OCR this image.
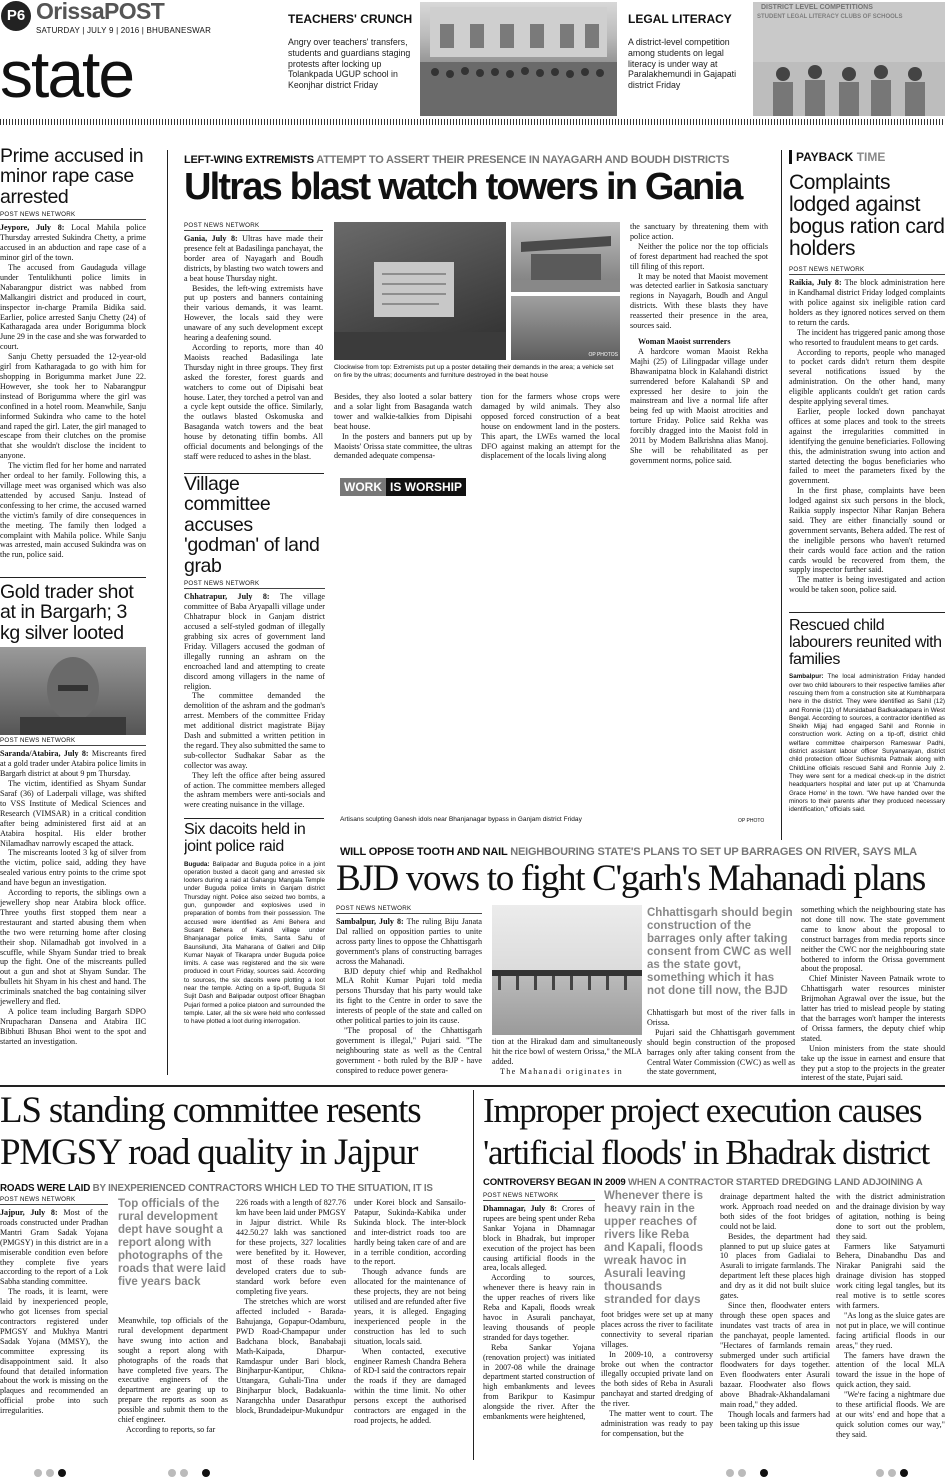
P6 OrissaPOST
SATURDAY | JULY 9 | 2016 | BHUBANESWAR
state
TEACHERS' CRUNCH
Angry over teachers' transfers, students and guardians staging protests after locking up Tolankpada UGUP school in Keonjhar district Friday
LEGAL LITERACY
A district-level competition among students on legal literacy is under way at Paralakhemundi in Gajapati district Friday
DISTRICT LEVEL COMPETITIONS
STUDENT LEGAL LITERACY CLUBS OF SCHOOLS
Prime accused in minor rape case arrested
POST NEWS NETWORK

Jeypore, July 8: Local Mahila police Thursday arrested Sukindra Chetty, a prime accused in an abduction and rape case of a minor girl of the town.

The accused from Gaudaguda village under Tentulikhunti police limits in Nabarangpur district was nabbed from Malkangiri district and produced in court, inspector in-charge Pramila Bidika said. Earlier, police arrested Sanju Chetty (24) of Katharagada area under Borigumma block June 29 in the case and she was forwarded to court.

Sanju Chetty persuaded the 12-year-old girl from Katharagada to go with him for shopping in Borigumma market June 22. However, she took her to Nabarangpur instead of Borigumma where the girl was confined in a hotel room. Meanwhile, Sanju informed Sukindra who came to the hotel and raped the girl. Later, the girl managed to escape from their clutches on the promise that she wouldn't disclose the incident to anyone.

The victim fled for her home and narrated her ordeal to her family. Following this, a village meet was organised which was also attended by accused Sanju. Instead of confessing to her crime, the accused warned the victim's family of dire consequences in the meeting. The family then lodged a complaint with Mahila police. While Sanju was arrested, main accused Sukindra was on the run, police said.

Gold trader shot at in Bargarh; 3 kg silver looted
POST NEWS NETWORK

Saranda/Atabira, July 8: Miscreants fired at a gold trader under Atabira police limits in Bargarh district at about 9 pm Thursday.

The victim, identified as Shyam Sundar Saraf (36) of Laderpali village, was shifted to VSS Institute of Medical Sciences and Research (VIMSAR) in a critical condition after being administered first aid at an Atabira hospital. His elder brother Nilamadhav narrowly escaped the attack.

The miscreants looted 3 kg of silver from the victim, police said, adding they have sealed various entry points to the crime spot and have begun an investigation.

According to reports, the siblings own a jewellery shop near Atabira block office. Three youths first stopped them near a restaurant and started abusing them when the two were returning home after closing their shop. Nilamadhab got involved in a scuffle, while Shyam Sundar tried to break up the fight. One of the miscreants pulled out a gun and shot at Shyam Sundar. The bullets hit Shyam in his chest and hand. The criminals snatched the bag containing silver jewellery and fled.

A police team including Bargarh SDPO Nrupacharan Dansena and Atabira IIC Bibhuti Bhusan Bhoi went to the spot and started an investigation.

LEFT-WING EXTREMISTS ATTEMPT TO ASSERT THEIR PRESENCE IN NAYAGARH AND BOUDH DISTRICTS
Ultras blast watch towers in Gania
POST NEWS NETWORK

Gania, July 8: Ultras have made their presence felt at Badasilinga panchayat, the border area of Nayagarh and Boudh districts, by blasting two watch towers and a beat house Thursday night.

Besides, the left-wing extremists have put up posters and banners containing their various demands, it was learnt. However, the locals said they were unaware of any such development except hearing a deafening sound.

According to reports, more than 40 Maoists reached Badasilinga late Thursday night in three groups. They first asked the forester, forest guards and watchers to come out of Dipisahi beat house. Later, they torched a petrol van and a cycle kept outside the office. Similarly, the outlaws blasted Oskomuska and Basaganda watch towers and the beat house by detonating tiffin bombs. All official documents and belongings of the staff were reduced to ashes in the blast.

OP PHOTOS
Clockwise from top: Extremists put up a poster detailing their demands in the area; a vehicle set on fire by the ultras; documents and furniture destroyed in the beat house

Besides, they also looted a solar battery and a solar light from Basaganda watch tower and walkie-talkies from Dipisahi beat house.

In the posters and banners put up by Maoists' Orissa state committee, the ultras demanded adequate compensa-

tion for the farmers whose crops were damaged by wild animals. They also opposed forced construction of a beat house on endowment land in the posters. This apart, the LWEs warned the local DFO against making an attempt for the displacement of the locals living along

the sanctuary by threatening them with police action.

Neither the police nor the top officials of forest department had reached the spot till filing of this report.

It may be noted that Maoist movement was detected earlier in Satkosia sanctuary regions in Nayagarh, Boudh and Angul districts. With these blasts they have reasserted their presence in the area, sources said.

Woman Maoist surrenders

A hardcore woman Maoist Rekha Majhi (25) of Lilingpadar village under Bhawanipatna block in Kalahandi district surrendered before Kalahandi SP and expressed her desire to join the mainstream and live a normal life after being fed up with Maoist atrocities and torture Friday. Police said Rekha was forcibly dragged into the Maoist fold in 2011 by Modem Balkrishna alias Manoj. She will be rehabilitated as per government norms, police said.

Village committee accuses 'godman' of land grab
POST NEWS NETWORK

Chhatrapur, July 8: The village committee of Baba Aryapalli village under Chhatrapur block in Ganjam district accused a self-styled godman of illegally grabbing six acres of government land Friday. Villagers accused the godman of illegally running an ashram on the encroached land and attempting to create discord among villagers in the name of religion.

The committee demanded the demolition of the ashram and the godman's arrest. Members of the committee Friday met additional district magistrate Bijay Dash and submitted a written petition in the regard. They also submitted the same to sub-collector Sudhakar Sabar as the collector was away.

They left the office after being assured of action. The committee members alleged the ashram members were anti-socials and were creating nuisance in the village.

Six dacoits held in joint police raid
Buguda: Balipadar and Buguda police in a joint operation busted a dacoit gang and arrested six looters during a raid at Gahangu Mangala Temple under Buguda police limits in Ganjam district Thursday night. Police also seized two bombs, a gun, gunpowder and explosives used in preparation of bombs from their possession. The accused were identified as Ami Behera and Susant Behera of Kaindi village under Bhanjanagar police limits, Santa Sahu of Baunsilundi, Jita Maharana of Galleri and Dilip Kumar Nayak of Tikarapra under Buguda police limits. A case was registered and the six were produced in court Friday, sources said. According to sources, the six dacoits were plotting a loot near the temple. Acting on a tip-off, Buguda SI Sujit Dash and Balipadar outpost officer Bhagban Pujari formed a police platoon and surrounded the temple. Later, all the six were held who confessed to have plotted a loot during interrogation.
WORK IS WORSHIP
Artisans sculpting Ganesh idols near Bhanjanagar bypass in Ganjam district Friday	OP PHOTO
PAYBACK TIME
Complaints lodged against bogus ration card holders
POST NEWS NETWORK

Raikia, July 8: The block administration here in Kandhamal district Friday lodged complaints with police against six ineligible ration card holders as they ignored notices served on them to return the cards.

The incident has triggered panic among those who resorted to fraudulent means to get cards.

According to reports, people who managed to pocket cards didn't return them despite several notifications issued by the administration. On the other hand, many eligible applicants couldn't get ration cards despite applying several times.

Earlier, people locked down panchayat offices at some places and took to the streets against the irregularities committed in identifying the genuine beneficiaries. Following this, the administration swung into action and started detecting the bogus beneficiaries who failed to meet the parameters fixed by the government.

In the first phase, complaints have been lodged against six such persons in the block, Raikia supply inspector Nihar Ranjan Behera said. They are either financially sound or government servants, Behera added. The rest of the ineligible persons who haven't returned their cards would face action and the ration cards would be recovered from them, the supply inspector further said.

The matter is being investigated and action would be taken soon, police said.

Rescued child labourers reunited with families
Sambalpur: The local administration Friday handed over two child labourers to their respective families after rescuing them from a construction site at Kumbharpara here in the district. They were identified as Sahil (12) and Ronnie (11) of Mursidabad Badkakadapara in West Bengal. According to sources, a contractor identified as Sheikh Mijaj had engaged Sahil and Ronnie in construction work. Acting on a tip-off, district child welfare committee chairperson Rameswar Padhi, district assistant labour officer Suryanarayan, district child protection officer Suchismita Pattnaik along with ChildLine officials rescued Sahil and Ronnie July 2. They were sent for a medical check-up in the district headquarters hospital and later put up at 'Chamunda Grace Home' in the town. "We have handed over the minors to their parents after they produced necessary identification," officials said.
WILL OPPOSE TOOTH AND NAIL NEIGHBOURING STATE'S PLANS TO SET UP BARRAGES ON RIVER, SAYS MLA
BJD vows to fight C'garh's Mahanadi plans
POST NEWS NETWORK

Sambalpur, July 8: The ruling Biju Janata Dal rallied on opposition parties to unite across party lines to oppose the Chhattisgarh government's plans of constructing barrages across the Mahanadi.

BJD deputy chief whip and Redhakhol MLA Rohit Kumar Pujari told media persons Thursday that his party would take its fight to the Centre in order to save the interests of people of the state and called on other political parties to join its cause.

"The proposal of the Chhattisgarh government is illegal," Pujari said. "The neighbouring state as well as the Central government - both ruled by the BJP - have conspired to reduce power genera-

tion at the Hirakud dam and simultaneously hit the rice bowl of western Orissa," the MLA added.

The Mahanadi originates in

Chhattisgarh should begin construction of the barrages only after taking consent from CWC as well as the state govt, something which it has not done till now, the BJD

Chhattisgarh but most of the river falls in Orissa.

Pujari said the Chhattisgarh government should begin construction of the proposed barrages only after taking consent from the Central Water Commission (CWC) as well as the state government,

something which the neighbouring state has not done till now. The state government came to know about the proposal to construct barrages from media reports since neither the CWC nor the neighbouring state bothered to inform the Orissa government about the proposal.

Chief Minister Naveen Patnaik wrote to Chhattisgarh water resources minister Brijmohan Agrawal over the issue, but the latter has tried to mislead people by stating that the barrages won't hamper the interests of Orissa farmers, the deputy chief whip stated.

Union ministers from the state should take up the issue in earnest and ensure that they put a stop to the projects in the greater interest of the state, Pujari said.

LS standing committee resents
PMGSY road quality in Jajpur
ROADS WERE LAID BY INEXPERIENCED CONTRACTORS WHICH LED TO THE SITUATION, IT IS
POST NEWS NETWORK

Jajpur, July 8: Most of the roads constructed under Pradhan Mantri Gram Sadak Yojana (PMGSY) in this district are in a miserable condition even before they complete five years according to the report of a Lok Sabha standing committee.

The roads, it is learnt, were laid by inexperienced people, who got licenses from special contractors registered under PMGSY and Mukhya Mantri Sadak Yojana (MMSY), the committee expressing its disappointment said. It also found that detailed information about the work is missing on the plaques and recommended an official probe into such irregularities.

Top officials of the rural development dept have sought a report along with photographs of the roads that were laid five years back

Meanwhile, top officials of the rural development department have swung into action and sought a report along with photographs of the roads that have completed five years. The executive engineers of the department are gearing up to prepare the reports as soon as possible and submit them to the chief engineer.

According to reports, so far

226 roads with a length of 827.76 km have been laid under PMGSY in Jajpur district. While Rs 442.50.27 lakh was sanctioned for these projects, 327 localities were benefited by it. However, most of these roads have developed craters due to sub-standard work before even completing five years.

The stretches which are worst affected included - Barada-Bahujanga, Gopapur-Odamburu, PWD Road-Champapur under Badchana block, Banababaji Math-Kaipada, Dharpur-Ramdaspur under Bari block, Binjharpur-Kantipur, Chikna-Uttangara, Guhali-Tina under Binjharpur block, Badakuanla-Narangchha under Dasarathpur block, Brundadeipur-Mukundpur

under Korei block and Sansailo-Patapur, Sukinda-Kabika under Sukinda block. The inter-block and inter-district roads too are hardly being taken care of and are in a terrible condition, according to the report.

Though advance funds are allocated for the maintenance of these projects, they are not being utilised and are refunded after five years, it is alleged. Engaging inexperienced people in the construction has led to such situation, locals said.

When contacted, executive engineer Ramesh Chandra Behera of RD-I said the contractors repair the roads if they are damaged within the time limit. No other persons except the authorised contractors are engaged in the road projects, he added.

Improper project execution causes
'artificial floods' in Bhadrak district
CONTROVERSY BEGAN IN 2009 WHEN A CONTRACTOR STARTED DREDGING LAND ADJOINING A
POST NEWS NETWORK

Dhamnagar, July 8: Crores of rupees are being spent under Reba Sankar Yojana in Dhamnagar block in Bhadrak, but improper execution of the project has been causing artificial floods in the area, locals alleged.

According to sources, whenever there is heavy rain in the upper reaches of rivers like Reba and Kapali, floods wreak havoc in Asurali panchayat, leaving thousands of people stranded for days together.

Reba Sankar Yojana (renovation project) was initiated in 2007-08 while the drainage department started construction of high embankments and levees from Barikpur to Kasimpur alongside the river. After the embankments were heightened,

Whenever there is heavy rain in the upper reaches of rivers like Reba and Kapali, floods wreak havoc in Asurali leaving thousands stranded for days

foot bridges were set up at many places across the river to facilitate connectivity to several riparian villages.

In 2009-10, a controversy broke out when the contractor illegally occupied private land on the both sides of Reba in Asurali panchayat and started dredging of the river.

The matter went to court. The administration was ready to pay for compensation, but the

drainage department halted the work. Approach road needed on both sides of the foot bridges could not be laid.

Besides, the department had planned to put up sluice gates at 10 places from Gadialai to Asurali to irrigate farmlands. The department left these places high and dry as it did not built sluice gates.

Since then, floodwater enters through these open spaces and inundates vast tracts of area in the panchayat, people lamented. "Hectares of farmlands remain submerged under such artificial floodwaters for days together. Even floodwaters enter Asurali bazaar. Floodwater also flows above Bhadrak-Akhandalamani main road," they added.

Though locals and farmers had been taking up this issue

with the district administration and the drainage division by way of agitation, nothing is being done to sort out the problem, they said.

Farmers like Satyamurti Behera, Dinabandhu Das and Nirakar Panigrahi said the drainage division has stopped work citing legal tangles, but its real motive is to settle scores with farmers.

"As long as the sluice gates are not put in place, we will continue facing artificial floods in our areas," they rued.

The famers have drawn the attention of the local MLA toward the issue in the hope of quick action, they said.

"We're facing a nightmare due to these artificial floods. We are at our wits' end and hope that a quick solution comes our way," they said.
